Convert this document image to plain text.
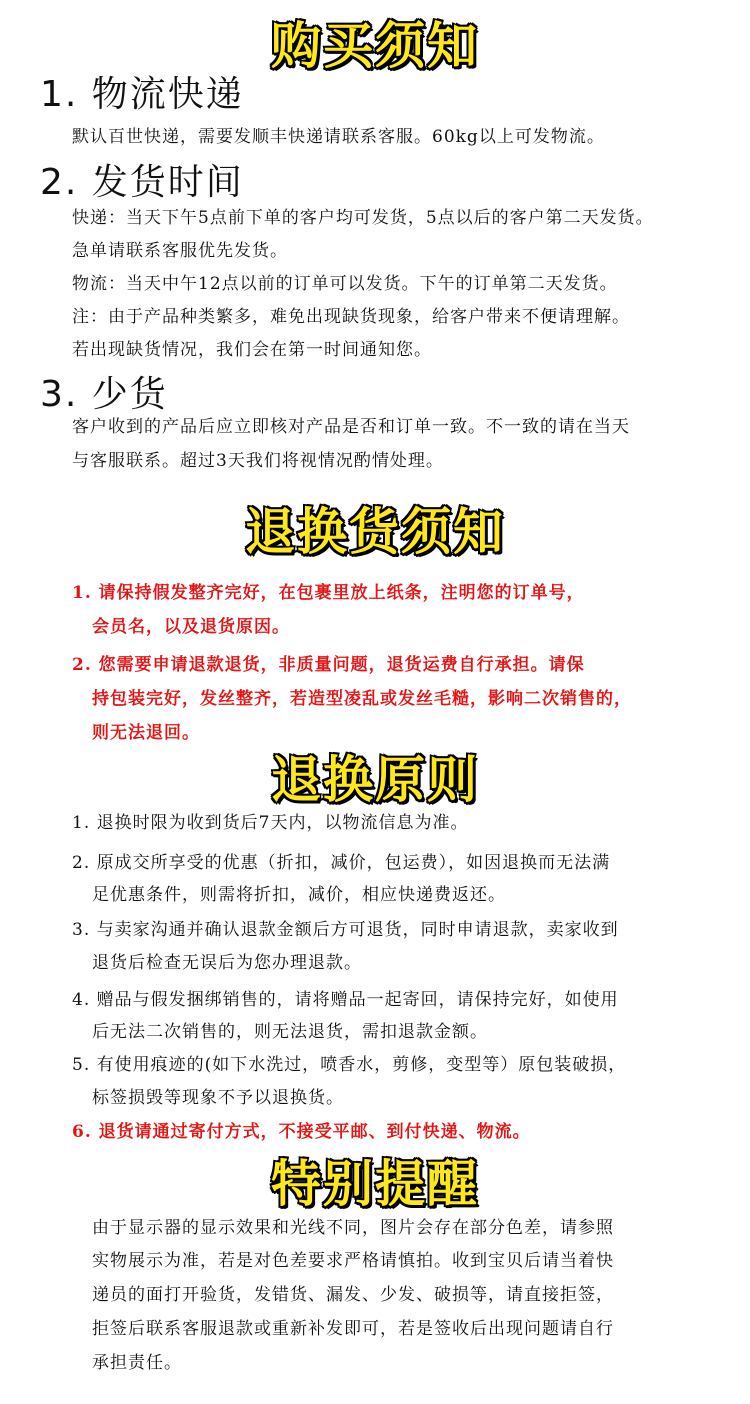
购买须知
1. 物流快递
默认百世快递，需要发顺丰快递请联系客服。60kg以上可发物流。
2. 发货时间
快递：当天下午5点前下单的客户均可发货，5点以后的客户第二天发货。
急单请联系客服优先发货。
物流：当天中午12点以前的订单可以发货。下午的订单第二天发货。
注：由于产品种类繁多，难免出现缺货现象，给客户带来不便请理解。
若出现缺货情况，我们会在第一时间通知您。
3. 少货
客户收到的产品后应立即核对产品是否和订单一致。不一致的请在当天
与客服联系。超过3天我们将视情况酌情处理。
退换货须知
1. 请保持假发整齐完好，在包裹里放上纸条，注明您的订单号，
会员名，以及退货原因。
2. 您需要申请退款退货，非质量问题，退货运费自行承担。请保
持包装完好，发丝整齐，若造型凌乱或发丝毛糙，影响二次销售的，
则无法退回。
退换原则
1. 退换时限为收到货后7天内，以物流信息为准。
2. 原成交所享受的优惠（折扣，减价，包运费），如因退换而无法满
足优惠条件，则需将折扣，减价，相应快递费返还。
3. 与卖家沟通并确认退款金额后方可退货，同时申请退款，卖家收到
退货后检查无误后为您办理退款。
4. 赠品与假发捆绑销售的，请将赠品一起寄回，请保持完好，如使用
后无法二次销售的，则无法退货，需扣退款金额。
5. 有使用痕迹的(如下水洗过，喷香水，剪修，变型等）原包装破损，
标签损毁等现象不予以退换货。
6. 退货请通过寄付方式，不接受平邮、到付快递、物流。
特别提醒
由于显示器的显示效果和光线不同，图片会存在部分色差，请参照
实物展示为准，若是对色差要求严格请慎拍。收到宝贝后请当着快
递员的面打开验货，发错货、漏发、少发、破损等，请直接拒签，
拒签后联系客服退款或重新补发即可，若是签收后出现问题请自行
承担责任。
